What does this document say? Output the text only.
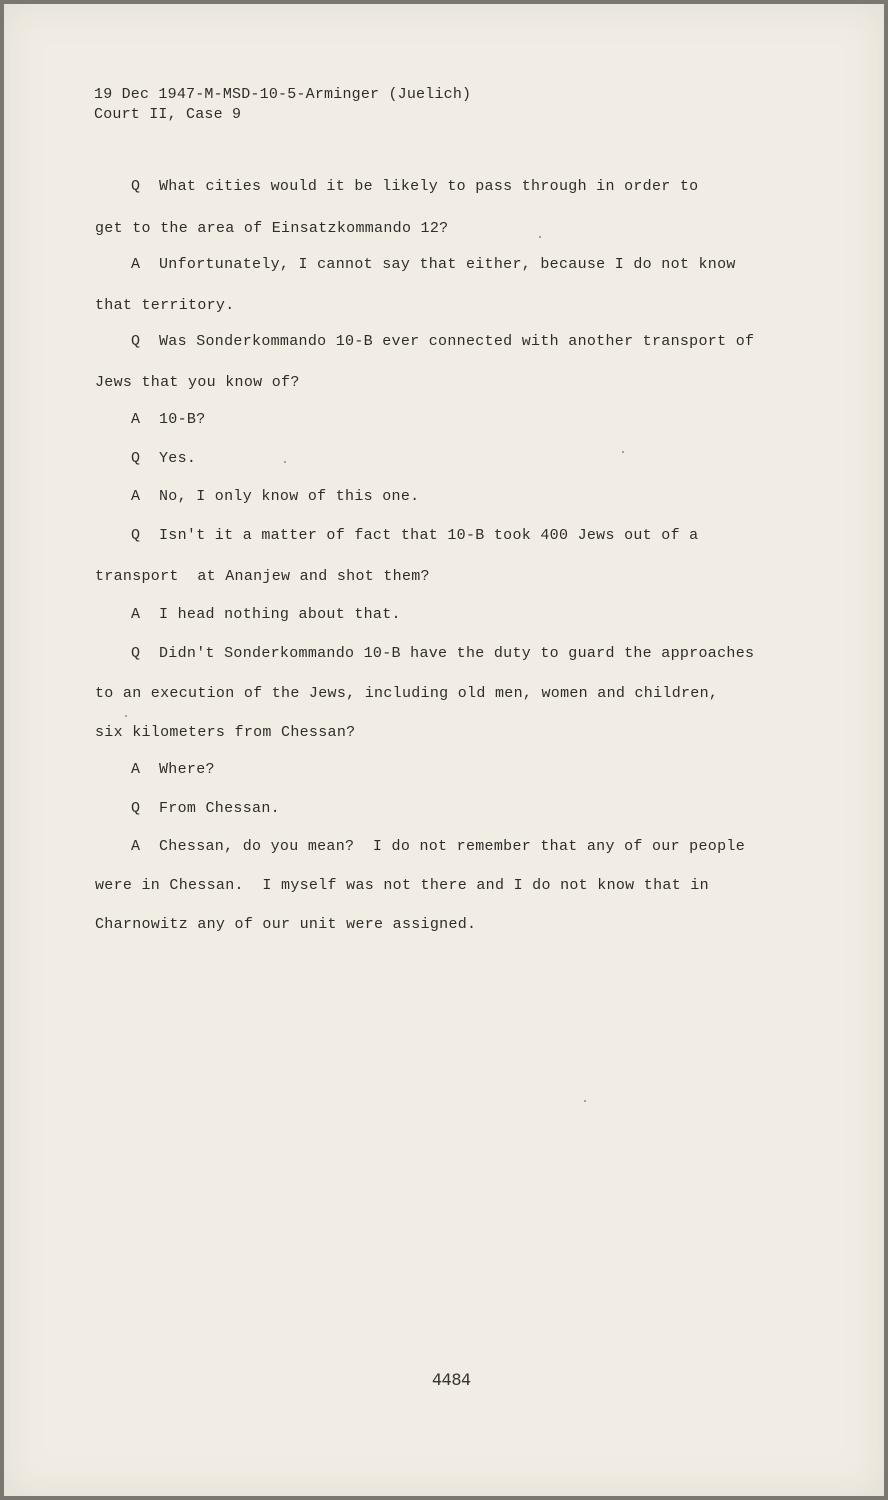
19 Dec 1947-M-MSD-10-5-Arminger (Juelich)
Court II, Case 9
Q What cities would it be likely to pass through in order to
get to the area of Einsatzkommando 12?
A Unfortunately, I cannot say that either, because I do not know
that territory.
Q Was Sonderkommando 10-B ever connected with another transport of
Jews that you know of?
A 10-B?
Q Yes.
A No, I only know of this one.
Q Isn't it a matter of fact that 10-B took 400 Jews out of a
transport  at Ananjew and shot them?
A I head nothing about that.
Q Didn't Sonderkommando 10-B have the duty to guard the approaches
to an execution of the Jews, including old men, women and children,
six kilometers from Chessan?
A Where?
Q From Chessan.
A Chessan, do you mean?  I do not remember that any of our people
were in Chessan.  I myself was not there and I do not know that in
Charnowitz any of our unit were assigned.
4484
